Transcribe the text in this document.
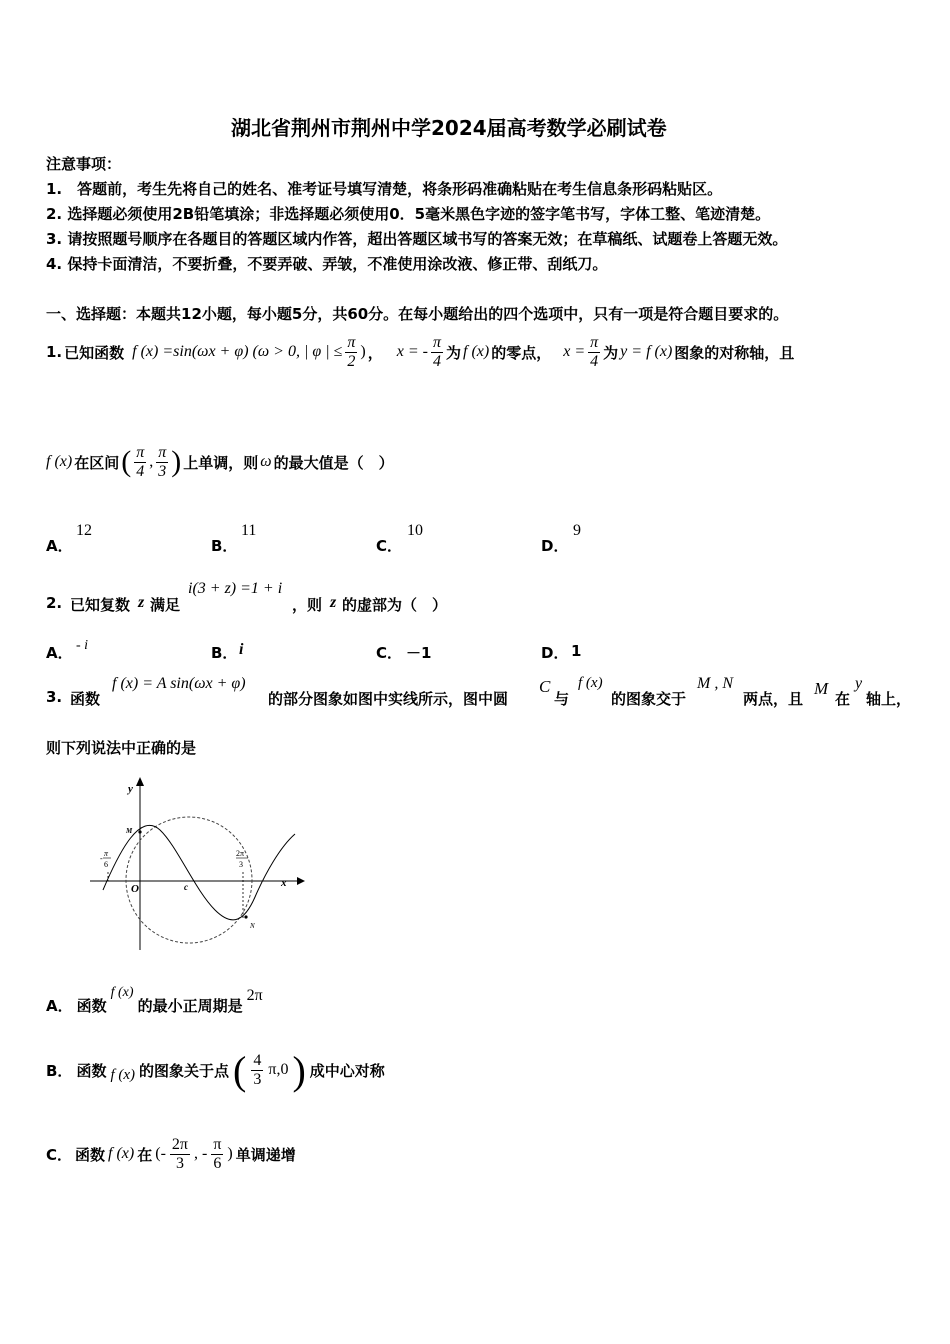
湖北省荆州市荆州中学2024届高考数学必刷试卷
注意事项：
1.　答题前，考生先将自己的姓名、准考证号填写清楚，将条形码准确粘贴在考生信息条形码粘贴区。
2. 选择题必须使用2B铅笔填涂；非选择题必须使用0．5毫米黑色字迹的签字笔书写，字体工整、笔迹清楚。
3. 请按照题号顺序在各题目的答题区域内作答，超出答题区域书写的答案无效；在草稿纸、试题卷上答题无效。
4. 保持卡面清洁，不要折叠，不要弄破、弄皱，不准使用涂改液、修正带、刮纸刀。
一、选择题：本题共12小题，每小题5分，共60分。在每小题给出的四个选项中，只有一项是符合题目要求的。
1. 已知函数 f (x) =sin(ωx + φ) (ω > 0, | φ | ≤ $\frac{\pi}{2}$ ) ， x = - $\frac{\pi}{4}$ 为 f (x) 的零点， $x = \frac{\pi}{4}$ 为 y = f (x) 图象的对称轴，且
f (x) 在区间 ( $\frac{\pi}{4}$ , $\frac{\pi}{3}$ ) 上单调，则 ω 的最大值是（　）
A．
12
B．
11
C．
10
D．
9
2. 已知复数 z 满足
i(3 + z) =1 + i
，则 z 的虚部为（　）
A． - i	B． i	C． －1	D． 1
3. 函数
f (x) = A sin(ωx + φ)
的部分图象如图中实线所示，图中圆
C
与
f (x)
的图象交于
M , N
两点，且
M
在
y
轴上，
则下列说法中正确的是
y
x
O
M
N
c
-
π
6
2π
3
A． 函数
f (x)
的最小正周期是
2π
B． 函数 f (x) 的图象关于点 ( $\frac{4}{3} \pi,0$ ) 成中心对称
C． 函数 f (x) 在 (- $\frac{2\pi}{3}$ , - $\frac{\pi}{6}$ ) 单调递增
